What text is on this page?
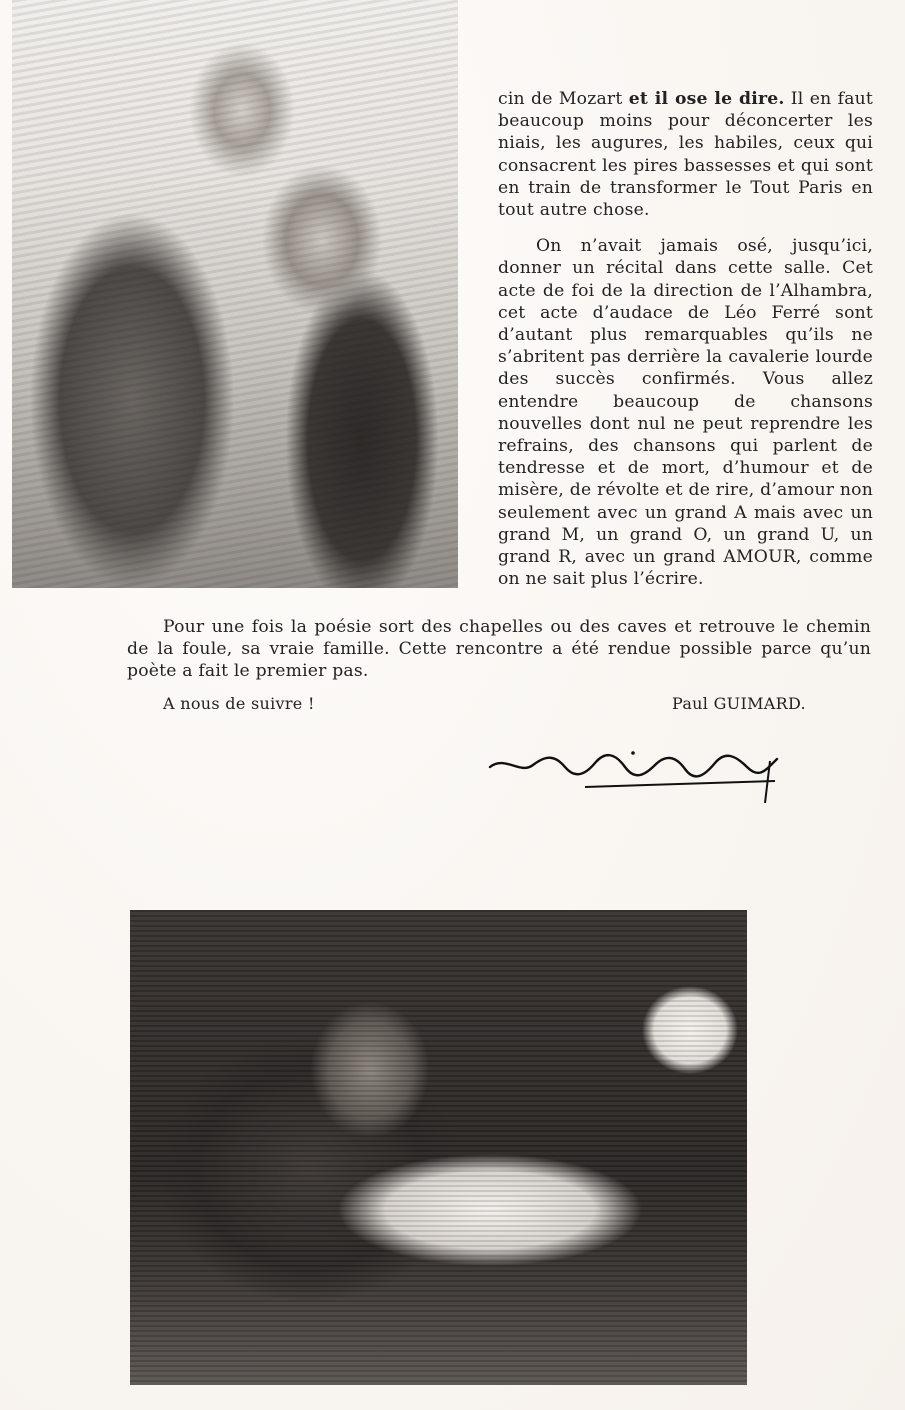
cin de Mozart et il ose le dire. Il en faut beaucoup moins pour déconcerter les niais, les augures, les habiles, ceux qui consacrent les pires bassesses et qui sont en train de transformer le Tout Paris en tout autre chose.

On n’avait jamais osé, jusqu’ici, donner un récital dans cette salle. Cet acte de foi de la direction de l’Alhambra, cet acte d’audace de Léo Ferré sont d’autant plus remarquables qu’ils ne s’abritent pas derrière la cavalerie lourde des succès confirmés. Vous allez entendre beaucoup de chansons nouvelles dont nul ne peut reprendre les refrains, des chansons qui parlent de tendresse et de mort, d’humour et de misère, de révolte et de rire, d’amour non seulement avec un grand A mais avec un grand M, un grand O, un grand U, un grand R, avec un grand AMOUR, comme on ne sait plus l’écrire.

Pour une fois la poésie sort des chapelles ou des caves et retrouve le chemin de la foule, sa vraie famille. Cette rencontre a été rendue possible parce qu’un poète a fait le premier pas.

A nous de suivre !	Paul GUIMARD.
